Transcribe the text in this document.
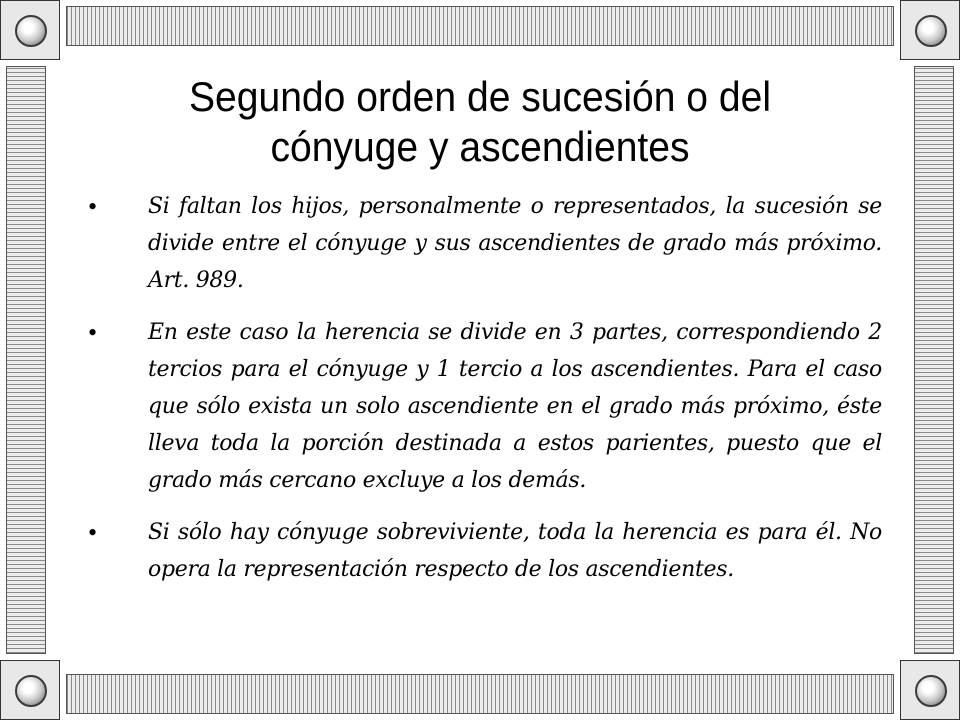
Segundo orden de sucesión o del cónyuge y ascendientes
• Si faltan los hijos, personalmente o representados, la sucesión se divide entre el cónyuge y sus ascendientes de grado más próximo. Art. 989.
• En este caso la herencia se divide en 3 partes, correspondiendo 2 tercios para el cónyuge y 1 tercio a los ascendientes. Para el caso que sólo exista un solo ascendiente en el grado más próximo, éste lleva toda la porción destinada a estos parientes, puesto que el grado más cercano excluye a los demás.
• Si sólo hay cónyuge sobreviviente, toda la herencia es para él. No opera la representación respecto de los ascendientes.
